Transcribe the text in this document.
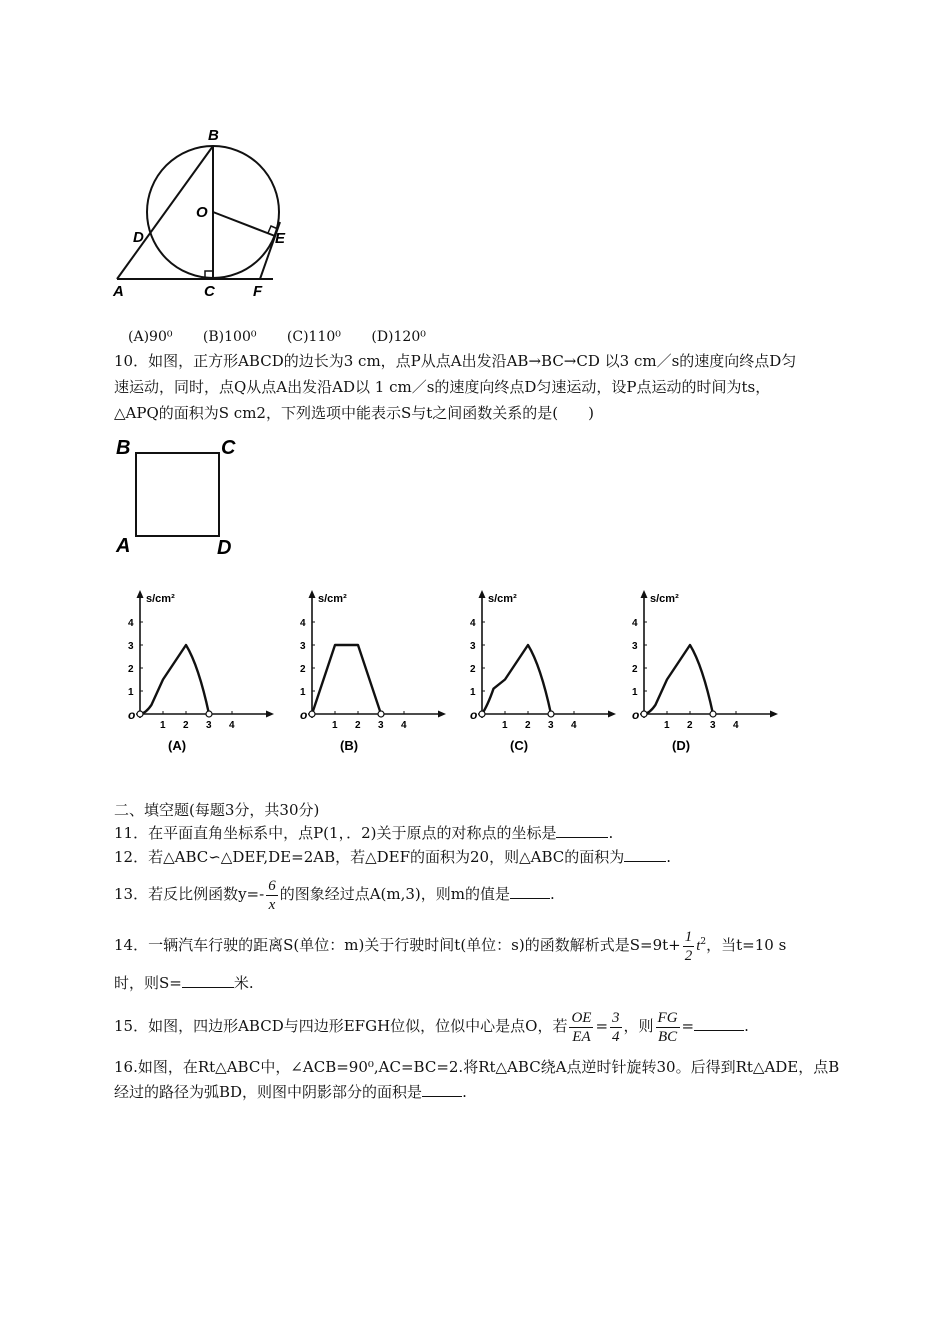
B
O
D	E
A	C	F
(A)90⁰ (B)100⁰ (C)110⁰ (D)120⁰
10．如图，正方形ABCD的边长为3 cm，点P从点A出发沿AB→BC→CD 以3 cm／s的速度向终点D匀
速运动，同时，点Q从点A出发沿AD以 1 cm／s的速度向终点D匀速运动，设P点运动的时间为ts，
△APQ的面积为S cm2，下列选项中能表示S与t之间函数关系的是(　　)
B	C
A	D
s/cm²
o
1 2 3 4
1
2
3
4
(A)
s/cm²
o
1 2 3 4
1
2
3
4
(B)
s/cm²
o
1 2 3 4
1
2
3
4
(C)
s/cm²
o
1 2 3 4
1
2
3
4
(D)
二、填空题(每题3分，共30分)
11．在平面直角坐标系中，点P(1，．2)关于原点的对称点的坐标是	.
12．若△ABC∽△DEF,DE=2AB，若△DEF的面积为20，则△ABC的面积为	.
13．若反比例函数$y=- \frac{6}{x}$ 的图象经过点A(m,3)，则m的值是	.
14．一辆汽车行驶的距离S(单位：m)关于行驶时间t(单位：s)的函数解析式是$S=9t+ \frac{1}{2} t^2$，当t=10 s
时，则S=	米.
15．如图，四边形ABCD与四边形EFGH位似，位似中心是点O，若 $\frac{OE}{EA} = \frac{3}{4}$ ，则 $\frac{FG}{BC}$ =	.
16.如图，在Rt△ABC中，∠ACB=90⁰,AC=BC=2.将Rt△ABC绕A点逆时针旋转30。后得到Rt△ADE，点B
经过的路径为弧BD，则图中阴影部分的面积是	.
